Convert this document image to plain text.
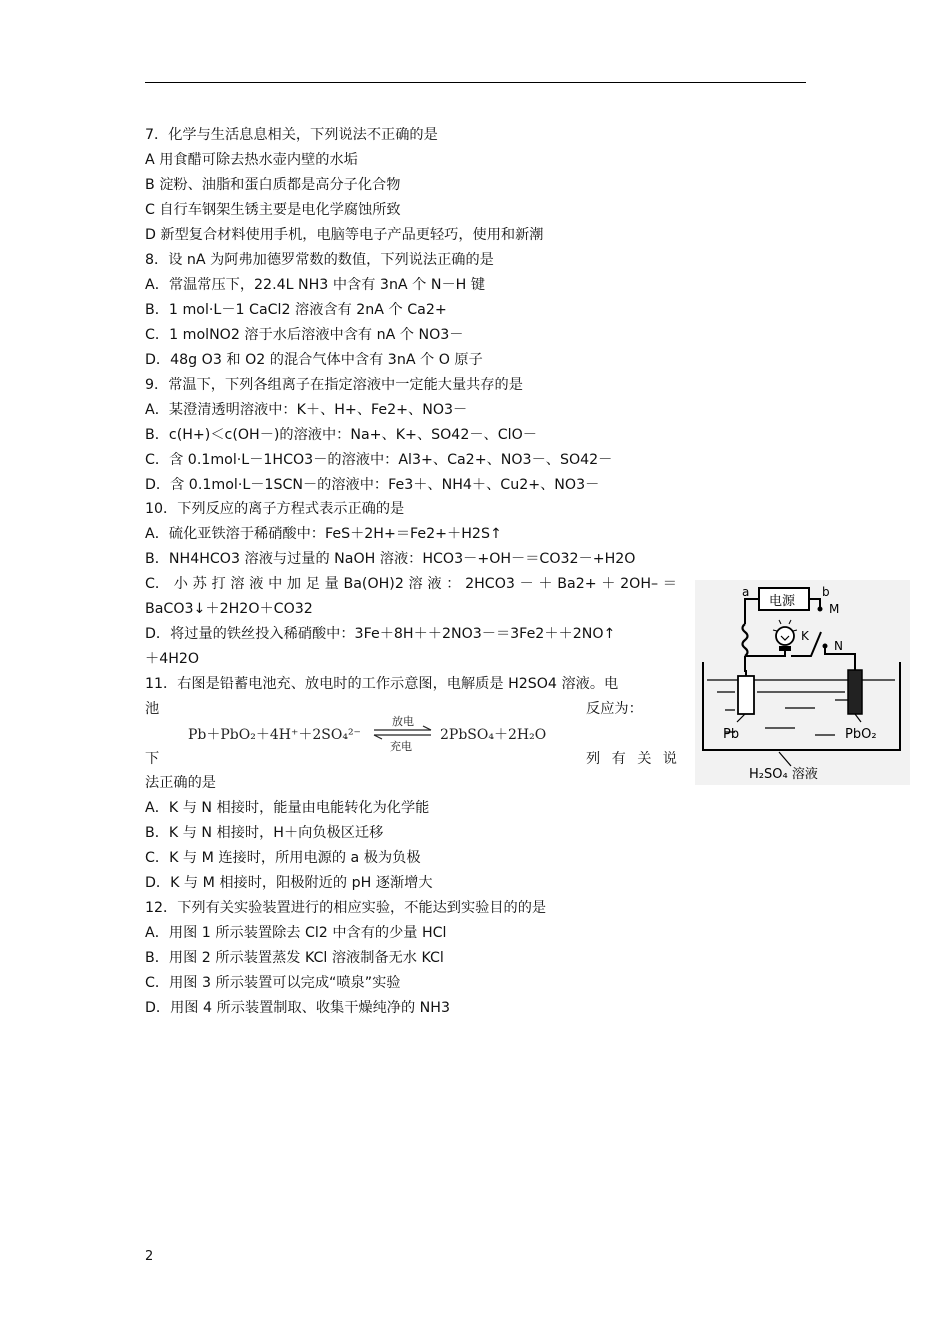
7．化学与生活息息相关，下列说法不正确的是
A 用食醋可除去热水壶内壁的水垢
B 淀粉、油脂和蛋白质都是高分子化合物
C 自行车钢架生锈主要是电化学腐蚀所致
D 新型复合材料使用手机，电脑等电子产品更轻巧，使用和新潮
8．设 nA 为阿弗加德罗常数的数值，下列说法正确的是
A．常温常压下，22.4L NH3 中含有 3nA 个 N－H 键
B．1 mol·L－1 CaCl2 溶液含有 2nA 个 Ca2+
C．1 molNO2 溶于水后溶液中含有 nA 个 NO3－
D．48g O3 和 O2 的混合气体中含有 3nA 个 O 原子
9．常温下，下列各组离子在指定溶液中一定能大量共存的是
A．某澄清透明溶液中：K＋、H+、Fe2+、NO3－
B．c(H+)＜c(OH－)的溶液中：Na+、K+、SO42－、ClO－
C．含 0.1mol·L－1HCO3－的溶液中：Al3+、Ca2+、NO3－、SO42－
D．含 0.1mol·L－1SCN－的溶液中：Fe3＋、NH4＋、Cu2+、NO3－
10．下列反应的离子方程式表示正确的是
A．硫化亚铁溶于稀硝酸中：FeS＋2H+＝Fe2+＋H2S↑
B．NH4HCO3 溶液与过量的 NaOH 溶液：HCO3－+OH－＝CO32－+H2O
C． 小 苏 打 溶 液 中 加 足 量 Ba(OH)2 溶 液 ： 2HCO3 － ＋ Ba2+ ＋ 2OH– ＝
BaCO3↓＋2H2O＋CO32
D．将过量的铁丝投入稀硝酸中：3Fe＋8H＋＋2NO3－＝3Fe2＋＋2NO↑
＋4H2O
11．右图是铅蓄电池充、放电时的工作示意图，电解质是 H2SO4 溶液。电
池	反应为：
Pb＋PbO₂＋4H⁺＋2SO₄²⁻
放电
充电
2PbSO₄＋2H₂O
下	列 有 关 说
法正确的是
A．K 与 N 相接时，能量由电能转化为化学能
B．K 与 N 相接时，H＋向负极区迁移
C．K 与 M 连接时，所用电源的 a 极为负极
D．K 与 M 相接时，阳极附近的 pH 逐渐增大
12．下列有关实验装置进行的相应实验，不能达到实验目的的是
A．用图 1 所示装置除去 Cl2 中含有的少量 HCl
B．用图 2 所示装置蒸发 KCl 溶液制备无水 KCl
C．用图 3 所示装置可以完成“喷泉”实验
D．用图 4 所示装置制取、收集干燥纯净的 NH3
电源
a	b
M
K
N
Pb	PbO₂
H₂SO₄ 溶液
2
